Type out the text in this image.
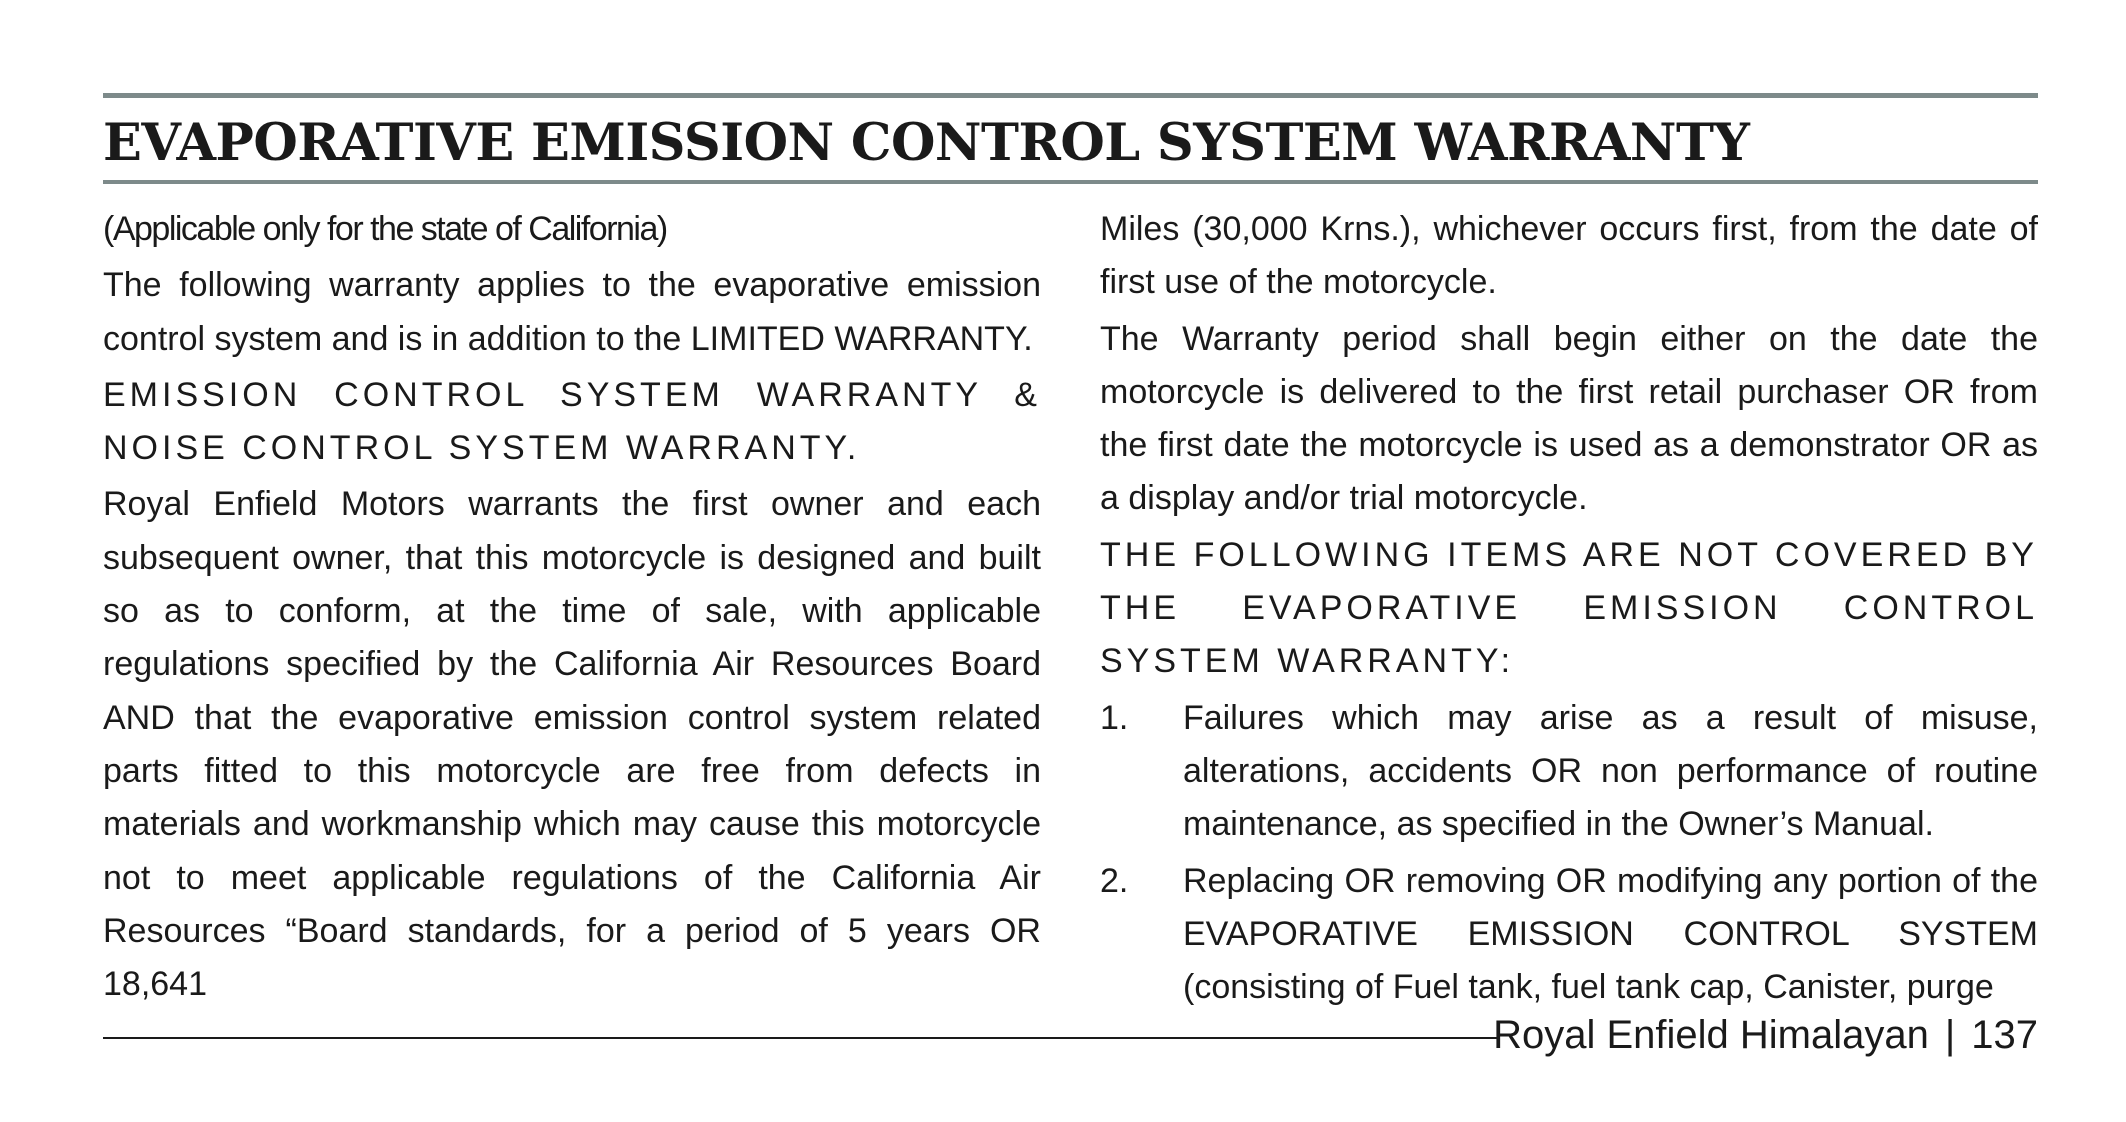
EVAPORATIVE EMISSION CONTROL SYSTEM WARRANTY

(Applicable only for the state of California)

The following warranty applies to the evaporative emission control system and is in addition to the LIMITED WARRANTY.

EMISSION CONTROL SYSTEM WARRANTY & NOISE CONTROL SYSTEM WARRANTY.

Royal Enfield Motors warrants the first owner and each subsequent owner, that this motorcycle is designed and built so as to conform, at the time of sale, with applicable regulations specified by the California Air Resources Board AND that the evaporative emission control system related parts fitted to this motorcycle are free from defects in materials and workmanship which may cause this motorcycle not to meet applicable regulations of the California Air Resources “Board standards, for a period of 5 years OR 18,641

Miles (30,000 Krns.), whichever occurs first, from the date of first use of the motorcycle.

The Warranty period shall begin either on the date the motorcycle is delivered to the first retail purchaser OR from the first date the motorcycle is used as a demonstrator OR as a display and/or trial motorcycle.

THE FOLLOWING ITEMS ARE NOT COVERED BY THE EVAPORATIVE EMISSION CONTROL SYSTEM WARRANTY:

1.	Failures which may arise as a result of misuse, alterations, accidents OR non performance of routine maintenance, as specified in the Owner’s Manual.
2.	Replacing OR removing OR modifying any portion of the EVAPORATIVE EMISSION CONTROL SYSTEM (consisting of Fuel tank, fuel tank cap, Canister, purge
Royal Enfield Himalayan | 137
